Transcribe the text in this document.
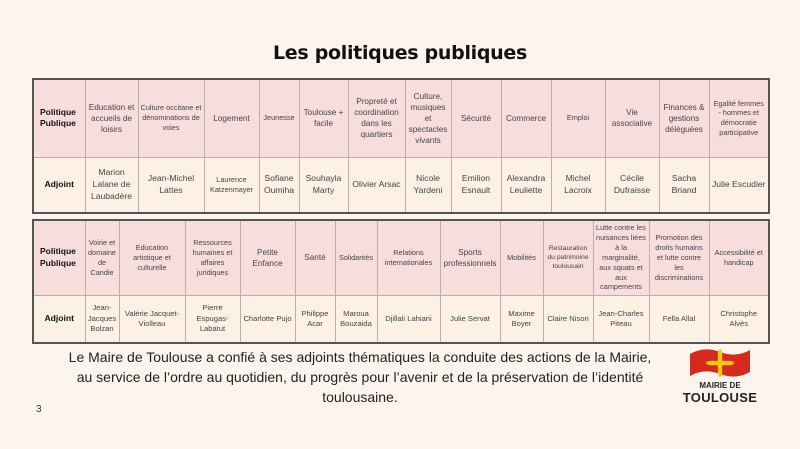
Les politiques publiques
Politique Publique	Education et accueils de loisirs	Culture occitane et dénominations de voies	Logement	Jeunesse	Toulouse + facile	Propreté et coordination dans les quartiers	Culture, musiques et spectacles vivants	Sécurité	Commerce	Emploi	Vie associative	Finances & gestions déléguées	Egalité femmes - hommes et démocratie participative
Adjoint	Marion Lalane de Laubadère	Jean-Michel Lattes	Laurence Katzenmayer	Sofiane Oumiha	Souhayla Marty	Olivier Arsac	Nicole Yardeni	Emilion Esnault	Alexandra Leuliette	Michel Lacroix	Cécile Dufraisse	Sacha Briand	Julie Escudier
Politique Publique	Voirie et domaine de Candie	Education artistique et culturelle	Ressources humaines et affaires juridiques	Petite Enfance	Santé	Solidarités	Relations internationales	Sports professionnels	Mobilités	Restauration du patrimoine toulousain	Lutte contre les nuisances liées à la marginalité, aux squats et aux campements	Promotion des droits humains et lutte contre les discriminations	Accessibilité et handicap
Adjoint	Jean-Jacques Bolzan	Valérie Jacquet-Violleau	Pierre Espugas-Labatut	Charlotte Pujo	Philippe Acar	Maroua Bouzaida	Djillali Lahiani	Julie Servat	Maxime Boyer	Claire Nison	Jean-Charles Piteau	Fella Allal	Christophe Alvès
Le Maire de Toulouse a confié à ses adjoints thématiques la conduite des actions de la Mairie, au service de l’ordre au quotidien, du progrès pour l’avenir et de la préservation de l’identité toulousaine.
3
MAIRIE DE
TOULOUSE
